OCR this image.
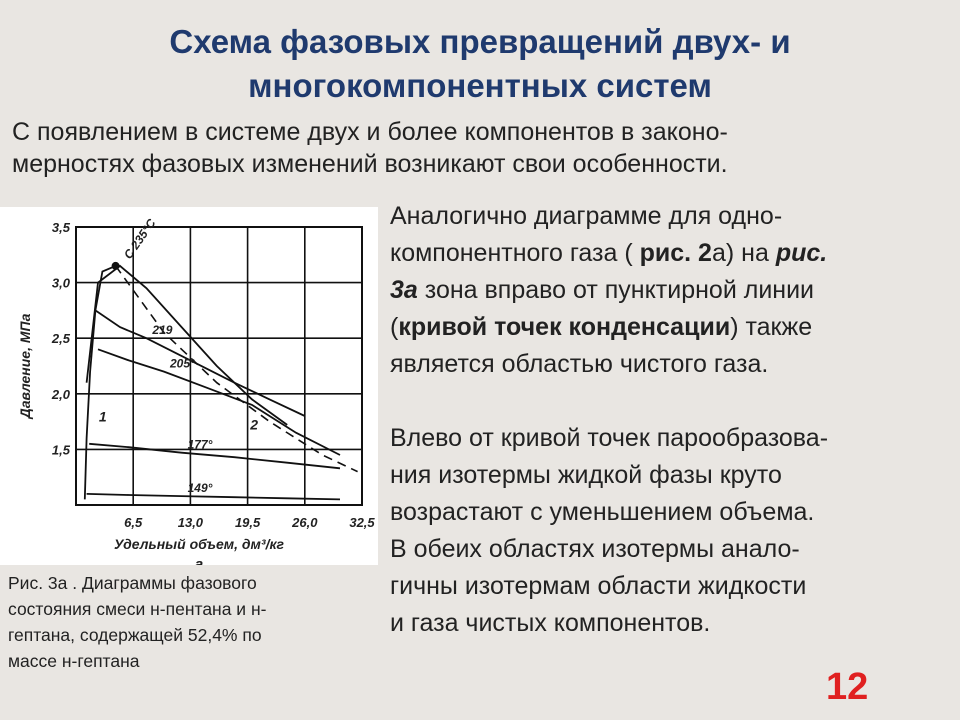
Схема фазовых превращений двух- и
многокомпонентных систем
С появлением в системе двух и более компонентов в законо-
мерностях фазовых изменений возникают свои особенности.
6,5	13,0 19,5 26,0 32,5
1,5
2,0
2,5
3,0
3,5	С 235°С
219
205°
177°
149°
1	2
Давление, МПа
Удельный объем, дм³/кг
а
Рис. 3а . Диаграммы фазового
состояния смеси н-пентана и н-
гептана, содержащей 52,4% по
массе н-гептана

Аналогично диаграмме для одно-

компонентного газа ( рис. 2а) на рис.

3а зона вправо от пунктирной линии

(кривой точек конденсации) также

является областью чистого газа.

Влево от кривой точек парообразова-

ния изотермы жидкой фазы круто

возрастают с уменьшением объема.

В обеих областях изотермы анало-

гичны изотермам области жидкости

и газа чистых компонентов.

12
